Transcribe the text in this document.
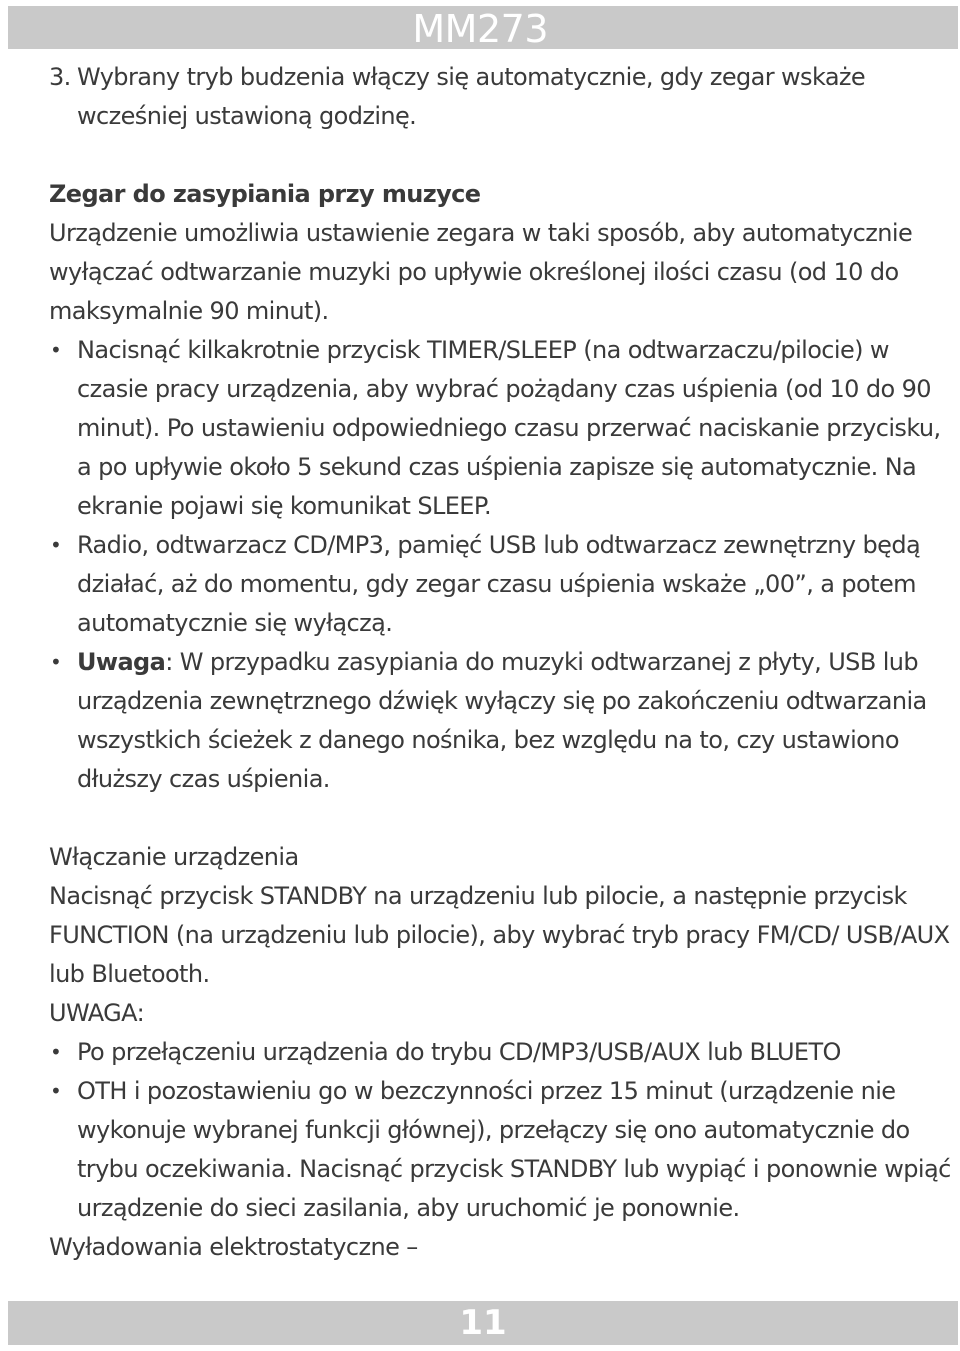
MM273
3. Wybrany tryb budzenia włączy się automatycznie, gdy zegar wskaże wcześniej ustawioną godzinę.

Zegar do zasypiania przy muzyce

Urządzenie umożliwia ustawienie zegara w taki sposób, aby automatycznie wyłączać odtwarzanie muzyki po upływie określonej ilości czasu (od 10 do maksymalnie 90 minut).

• Nacisnąć kilkakrotnie przycisk TIMER/SLEEP (na odtwarzaczu/pilocie) w czasie pracy urządzenia, aby wybrać pożądany czas uśpienia (od 10 do 90 minut). Po ustawieniu odpowiedniego czasu przerwać naciskanie przycisku, a po upływie około 5 sekund czas uśpienia zapisze się automatycznie. Na ekranie pojawi się komunikat SLEEP.
• Radio, odtwarzacz CD/MP3, pamięć USB lub odtwarzacz zewnętrzny będą działać, aż do momentu, gdy zegar czasu uśpienia wskaże „00”, a potem automatycznie się wyłączą.
• Uwaga: W przypadku zasypiania do muzyki odtwarzanej z płyty, USB lub urządzenia zewnętrznego dźwięk wyłączy się po zakończeniu odtwarzania wszystkich ścieżek z danego nośnika, bez względu na to, czy ustawiono dłuższy czas uśpienia.

Włączanie urządzenia

Nacisnąć przycisk STANDBY na urządzeniu lub pilocie, a następnie przycisk FUNCTION (na urządzeniu lub pilocie), aby wybrać tryb pracy FM/CD/ USB/AUX lub Bluetooth.

UWAGA:

• Po przełączeniu urządzenia do trybu CD/MP3/USB/AUX lub BLUETO
• OTH i pozostawieniu go w bezczynności przez 15 minut (urządzenie nie wykonuje wybranej funkcji głównej), przełączy się ono automatycznie do trybu oczekiwania. Nacisnąć przycisk STANDBY lub wypiąć i ponownie wpiąć urządzenie do sieci zasilania, aby uruchomić je ponownie.

Wyładowania elektrostatyczne –

11
